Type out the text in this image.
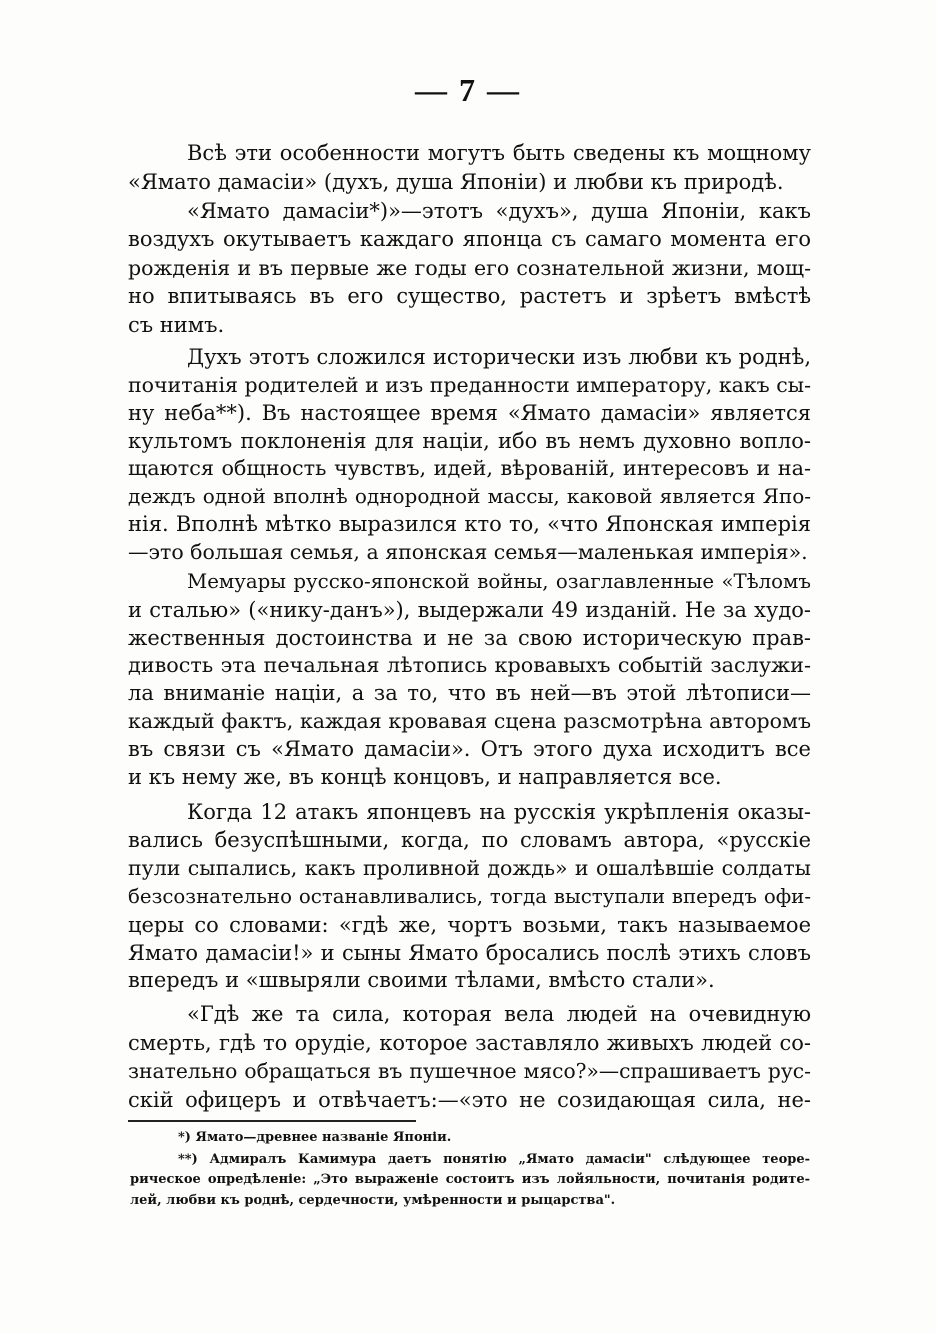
— 7 —
Всѣ эти особенности могутъ быть сведены къ мощному
«Ямато дамасіи» (духъ, душа Японіи) и любви къ природѣ.
«Ямато дамасіи*)»—этотъ «духъ», душа Японіи, какъ
воздухъ окутываетъ каждаго японца съ самаго момента его
рожденія и въ первые же годы его сознательной жизни, мощ-
но впитываясь въ его существо, растетъ и зрѣетъ вмѣстѣ
съ нимъ.
Духъ этотъ сложился исторически изъ любви къ роднѣ,
почитанія родителей и изъ преданности императору, какъ сы-
ну неба**). Въ настоящее время «Ямато дамасіи» является
культомъ поклоненія для націи, ибо въ немъ духовно вопло-
щаются общность чувствъ, идей, вѣрованій, интересовъ и на-
деждъ одной вполнѣ однородной массы, каковой является Япо-
нія. Вполнѣ мѣтко выразился кто то, «что Японская имперія
—это большая семья, а японская семья—маленькая имперія».
Мемуары русско-японской войны, озаглавленные «Тѣломъ
и сталью» («нику-данъ»), выдержали 49 изданій. Не за худо-
жественныя достоинства и не за свою историческую прав-
дивость эта печальная лѣтопись кровавыхъ событій заслужи-
ла вниманіе націи, а за то, что въ ней—въ этой лѣтописи—
каждый фактъ, каждая кровавая сцена разсмотрѣна авторомъ
въ связи съ «Ямато дамасіи». Отъ этого духа исходитъ все
и къ нему же, въ концѣ концовъ, и направляется все.
Когда 12 атакъ японцевъ на русскія укрѣпленія оказы-
вались безуспѣшными, когда, по словамъ автора, «русскіе
пули сыпались, какъ проливной дождь» и ошалѣвшіе солдаты
безсознательно останавливались, тогда выступали впередъ офи-
церы со словами: «гдѣ же, чортъ возьми, такъ называемое
Ямато дамасіи!» и сыны Ямато бросались послѣ этихъ словъ
впередъ и «швыряли своими тѣлами, вмѣсто стали».
«Гдѣ же та сила, которая вела людей на очевидную
смерть, гдѣ то орудіе, которое заставляло живыхъ людей со-
знательно обращаться въ пушечное мясо?»—спрашиваетъ рус-
скій офицеръ и отвѣчаетъ:—«это не созидающая сила, не-
*) Ямато—древнее названіе Японіи.
**) Адмиралъ Камимура даетъ понятію „Ямато дамасіи" слѣдующее теоре-
рическое опредѣленіе: „Это выраженіе состоитъ изъ лойяльности, почитанія родите-
лей, любви къ роднѣ, сердечности, умѣренности и рыцарства".
